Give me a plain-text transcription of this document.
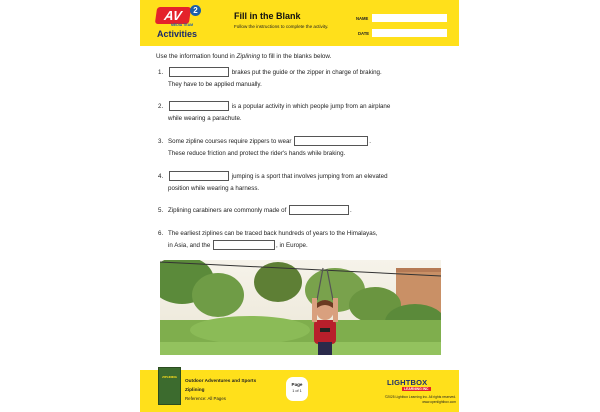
AV	2
MEDIA TEAM
Activities
Fill in the Blank
Follow the instructions to complete the activity.
NAME
DATE
Use the information found in Ziplining to fill in the blanks below.
1.	brakes put the guide or the zipper in charge of braking.
They have to be applied manually.
2.	is a popular activity in which people jump from an airplane
while wearing a parachute.
3. Some zipline courses require zippers to wear	.
These reduce friction and protect the rider's hands while braking.
4.	jumping is a sport that involves jumping from an elevated
position while wearing a harness.
5. Ziplining carabiners are commonly made of	.
6. The earliest ziplines can be traced back hundreds of years to the Himalayas,
in Asia, and the	, in Europe.
ZIPLINING
Outdoor Adventures and Sports
Ziplining
Reference: All Pages
Page
1 of 1
LIGHTBOX
LEARNING INC
©2025 Lightbox Learning Inc. All rights reserved.
www.openlightbox.com
